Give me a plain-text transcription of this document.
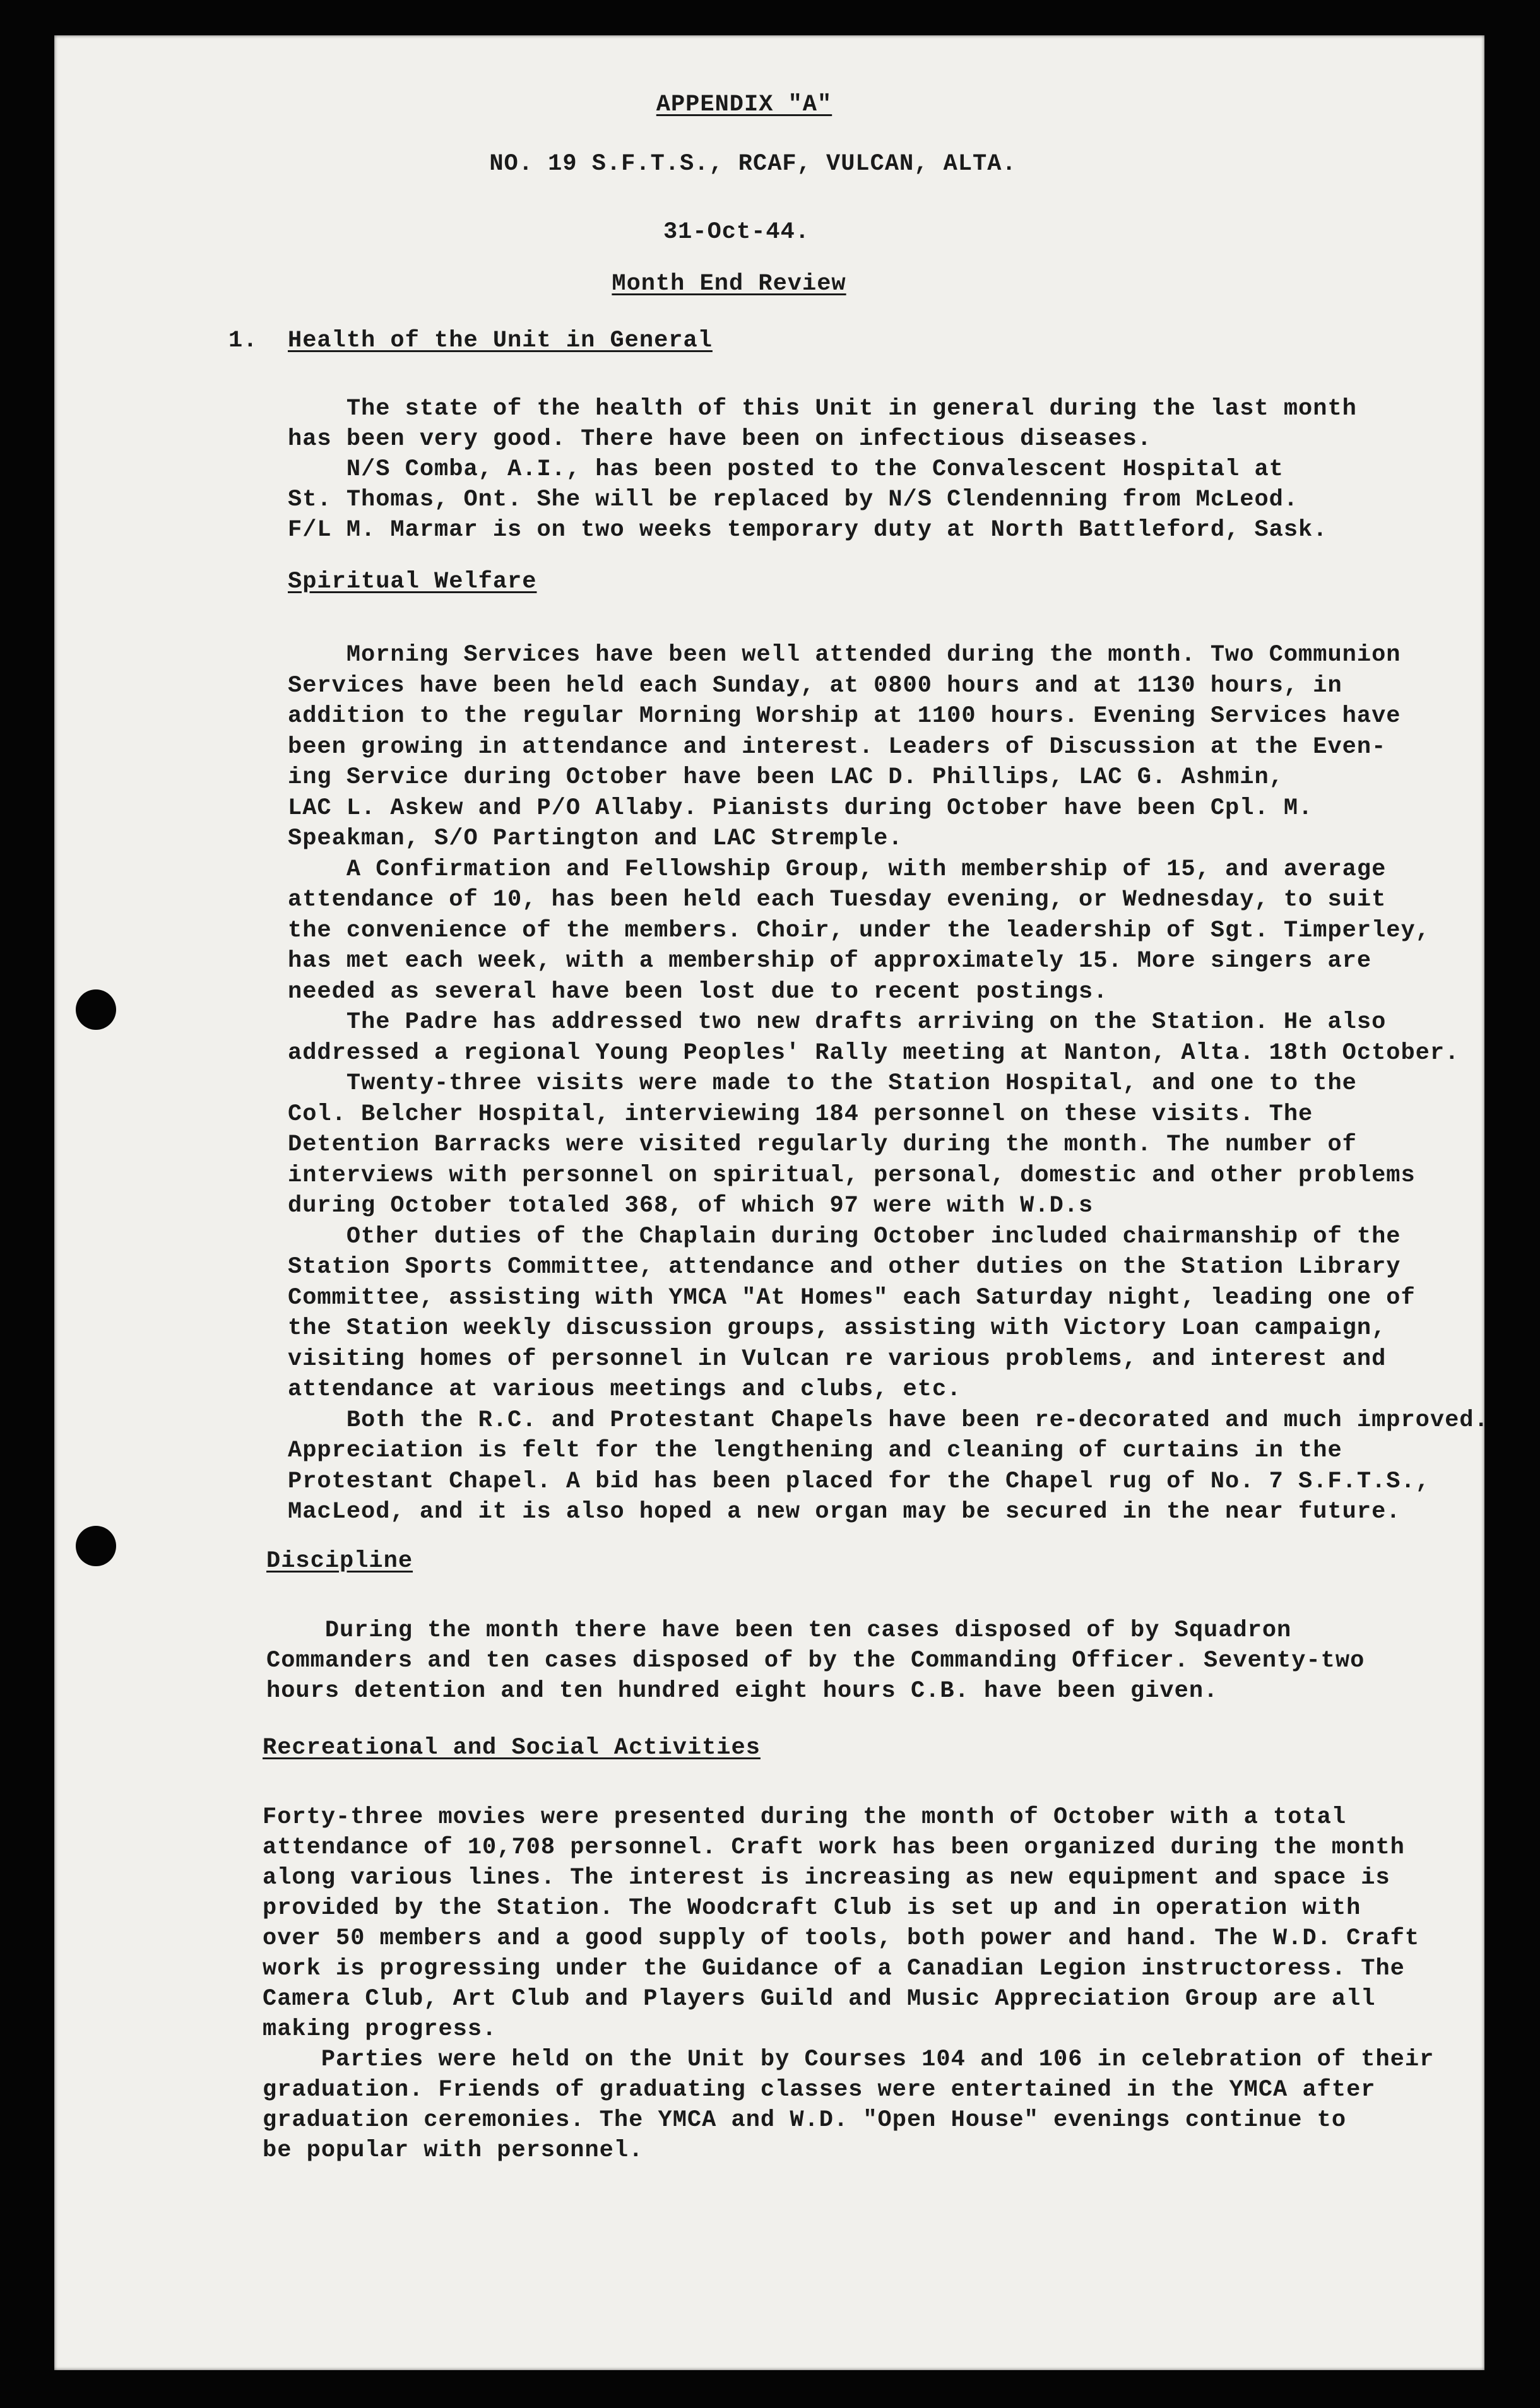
APPENDIX "A"
NO. 19 S.F.T.S., RCAF, VULCAN, ALTA.
31-Oct-44.
Month End Review
1. Health of the Unit in General
The state of the health of this Unit in general during the last month
has been very good. There have been on infectious diseases.
N/S Comba, A.I., has been posted to the Convalescent Hospital at
St. Thomas, Ont. She will be replaced by N/S Clendenning from McLeod.
F/L M. Marmar is on two weeks temporary duty at North Battleford, Sask.
Spiritual Welfare
Morning Services have been well attended during the month. Two Communion
Services have been held each Sunday, at 0800 hours and at 1130 hours, in
addition to the regular Morning Worship at 1100 hours. Evening Services have
been growing in attendance and interest. Leaders of Discussion at the Even-
ing Service during October have been LAC D. Phillips, LAC G. Ashmin,
LAC L. Askew and P/O Allaby. Pianists during October have been Cpl. M.
Speakman, S/O Partington and LAC Stremple.
A Confirmation and Fellowship Group, with membership of 15, and average
attendance of 10, has been held each Tuesday evening, or Wednesday, to suit
the convenience of the members. Choir, under the leadership of Sgt. Timperley,
has met each week, with a membership of approximately 15. More singers are
needed as several have been lost due to recent postings.
The Padre has addressed two new drafts arriving on the Station. He also
addressed a regional Young Peoples' Rally meeting at Nanton, Alta. 18th October.
Twenty-three visits were made to the Station Hospital, and one to the
Col. Belcher Hospital, interviewing 184 personnel on these visits. The
Detention Barracks were visited regularly during the month. The number of
interviews with personnel on spiritual, personal, domestic and other problems
during October totaled 368, of which 97 were with W.D.s
Other duties of the Chaplain during October included chairmanship of the
Station Sports Committee, attendance and other duties on the Station Library
Committee, assisting with YMCA "At Homes" each Saturday night, leading one of
the Station weekly discussion groups, assisting with Victory Loan campaign,
visiting homes of personnel in Vulcan re various problems, and interest and
attendance at various meetings and clubs, etc.
Both the R.C. and Protestant Chapels have been re-decorated and much improved.
Appreciation is felt for the lengthening and cleaning of curtains in the
Protestant Chapel. A bid has been placed for the Chapel rug of No. 7 S.F.T.S.,
MacLeod, and it is also hoped a new organ may be secured in the near future.
Discipline
During the month there have been ten cases disposed of by Squadron
Commanders and ten cases disposed of by the Commanding Officer. Seventy-two
hours detention and ten hundred eight hours C.B. have been given.
Recreational and Social Activities
Forty-three movies were presented during the month of October with a total
attendance of 10,708 personnel. Craft work has been organized during the month
along various lines. The interest is increasing as new equipment and space is
provided by the Station. The Woodcraft Club is set up and in operation with
over 50 members and a good supply of tools, both power and hand. The W.D. Craft
work is progressing under the Guidance of a Canadian Legion instructoress. The
Camera Club, Art Club and Players Guild and Music Appreciation Group are all
making progress.
Parties were held on the Unit by Courses 104 and 106 in celebration of their
graduation. Friends of graduating classes were entertained in the YMCA after
graduation ceremonies. The YMCA and W.D. "Open House" evenings continue to
be popular with personnel.
